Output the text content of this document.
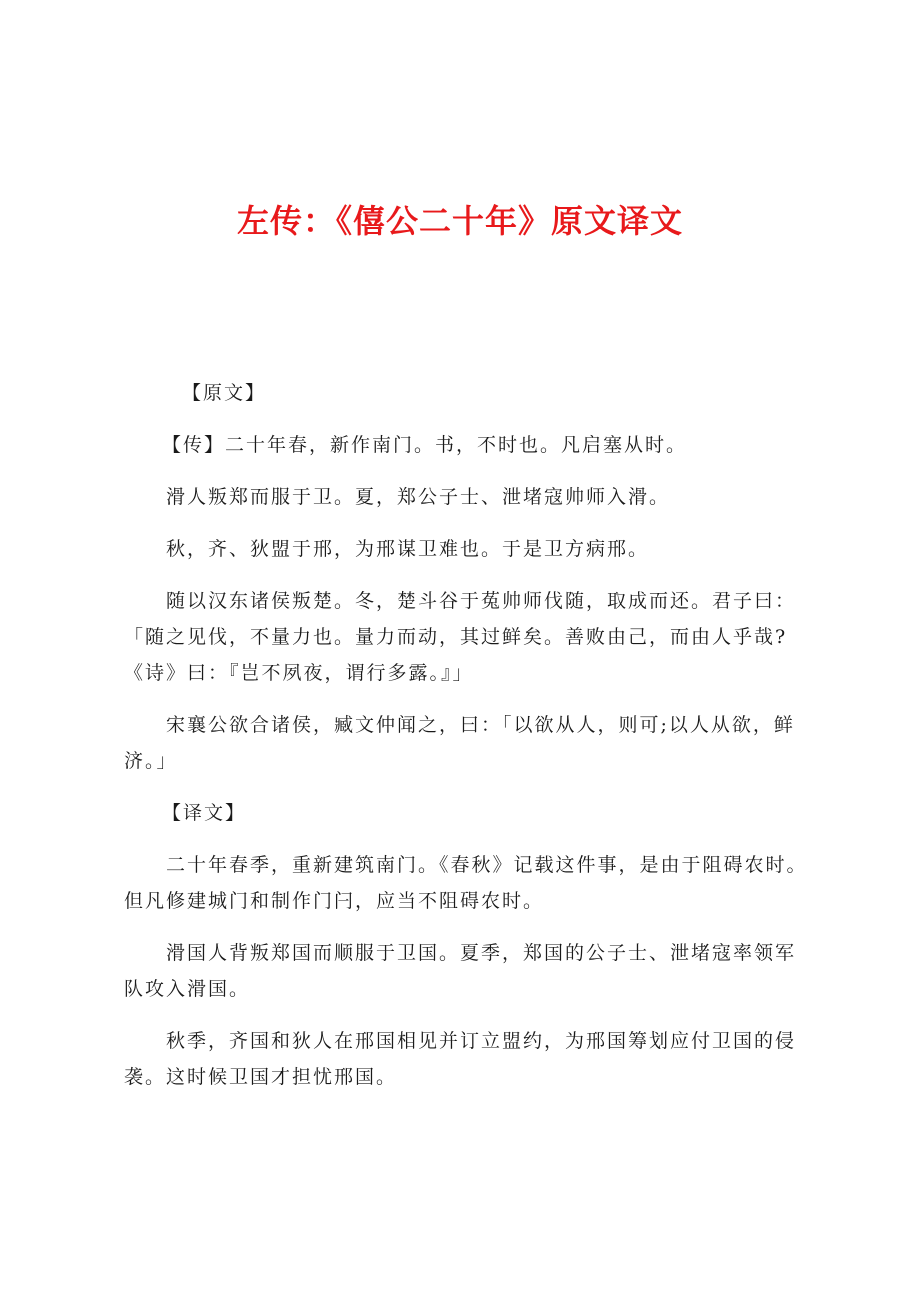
左传：《僖公二十年》原文译文

【原文】

【传】二十年春，新作南门。书，不时也。凡启塞从时。

滑人叛郑而服于卫。夏，郑公子士、泄堵寇帅师入滑。

秋，齐、狄盟于邢，为邢谋卫难也。于是卫方病邢。

随以汉东诸侯叛楚。冬，楚斗谷于菟帅师伐随，取成而还。君子曰：

「随之见伐，不量力也。量力而动，其过鲜矣。善败由己，而由人乎哉?

《诗》曰：『岂不夙夜，谓行多露。』」

宋襄公欲合诸侯，臧文仲闻之，曰：「以欲从人，则可;以人从欲，鲜

济。」

【译文】

二十年春季，重新建筑南门。《春秋》记载这件事，是由于阻碍农时。

但凡修建城门和制作门闩，应当不阻碍农时。

滑国人背叛郑国而顺服于卫国。夏季，郑国的公子士、泄堵寇率领军

队攻入滑国。

秋季，齐国和狄人在邢国相见并订立盟约，为邢国筹划应付卫国的侵

袭。这时候卫国才担忧邢国。
